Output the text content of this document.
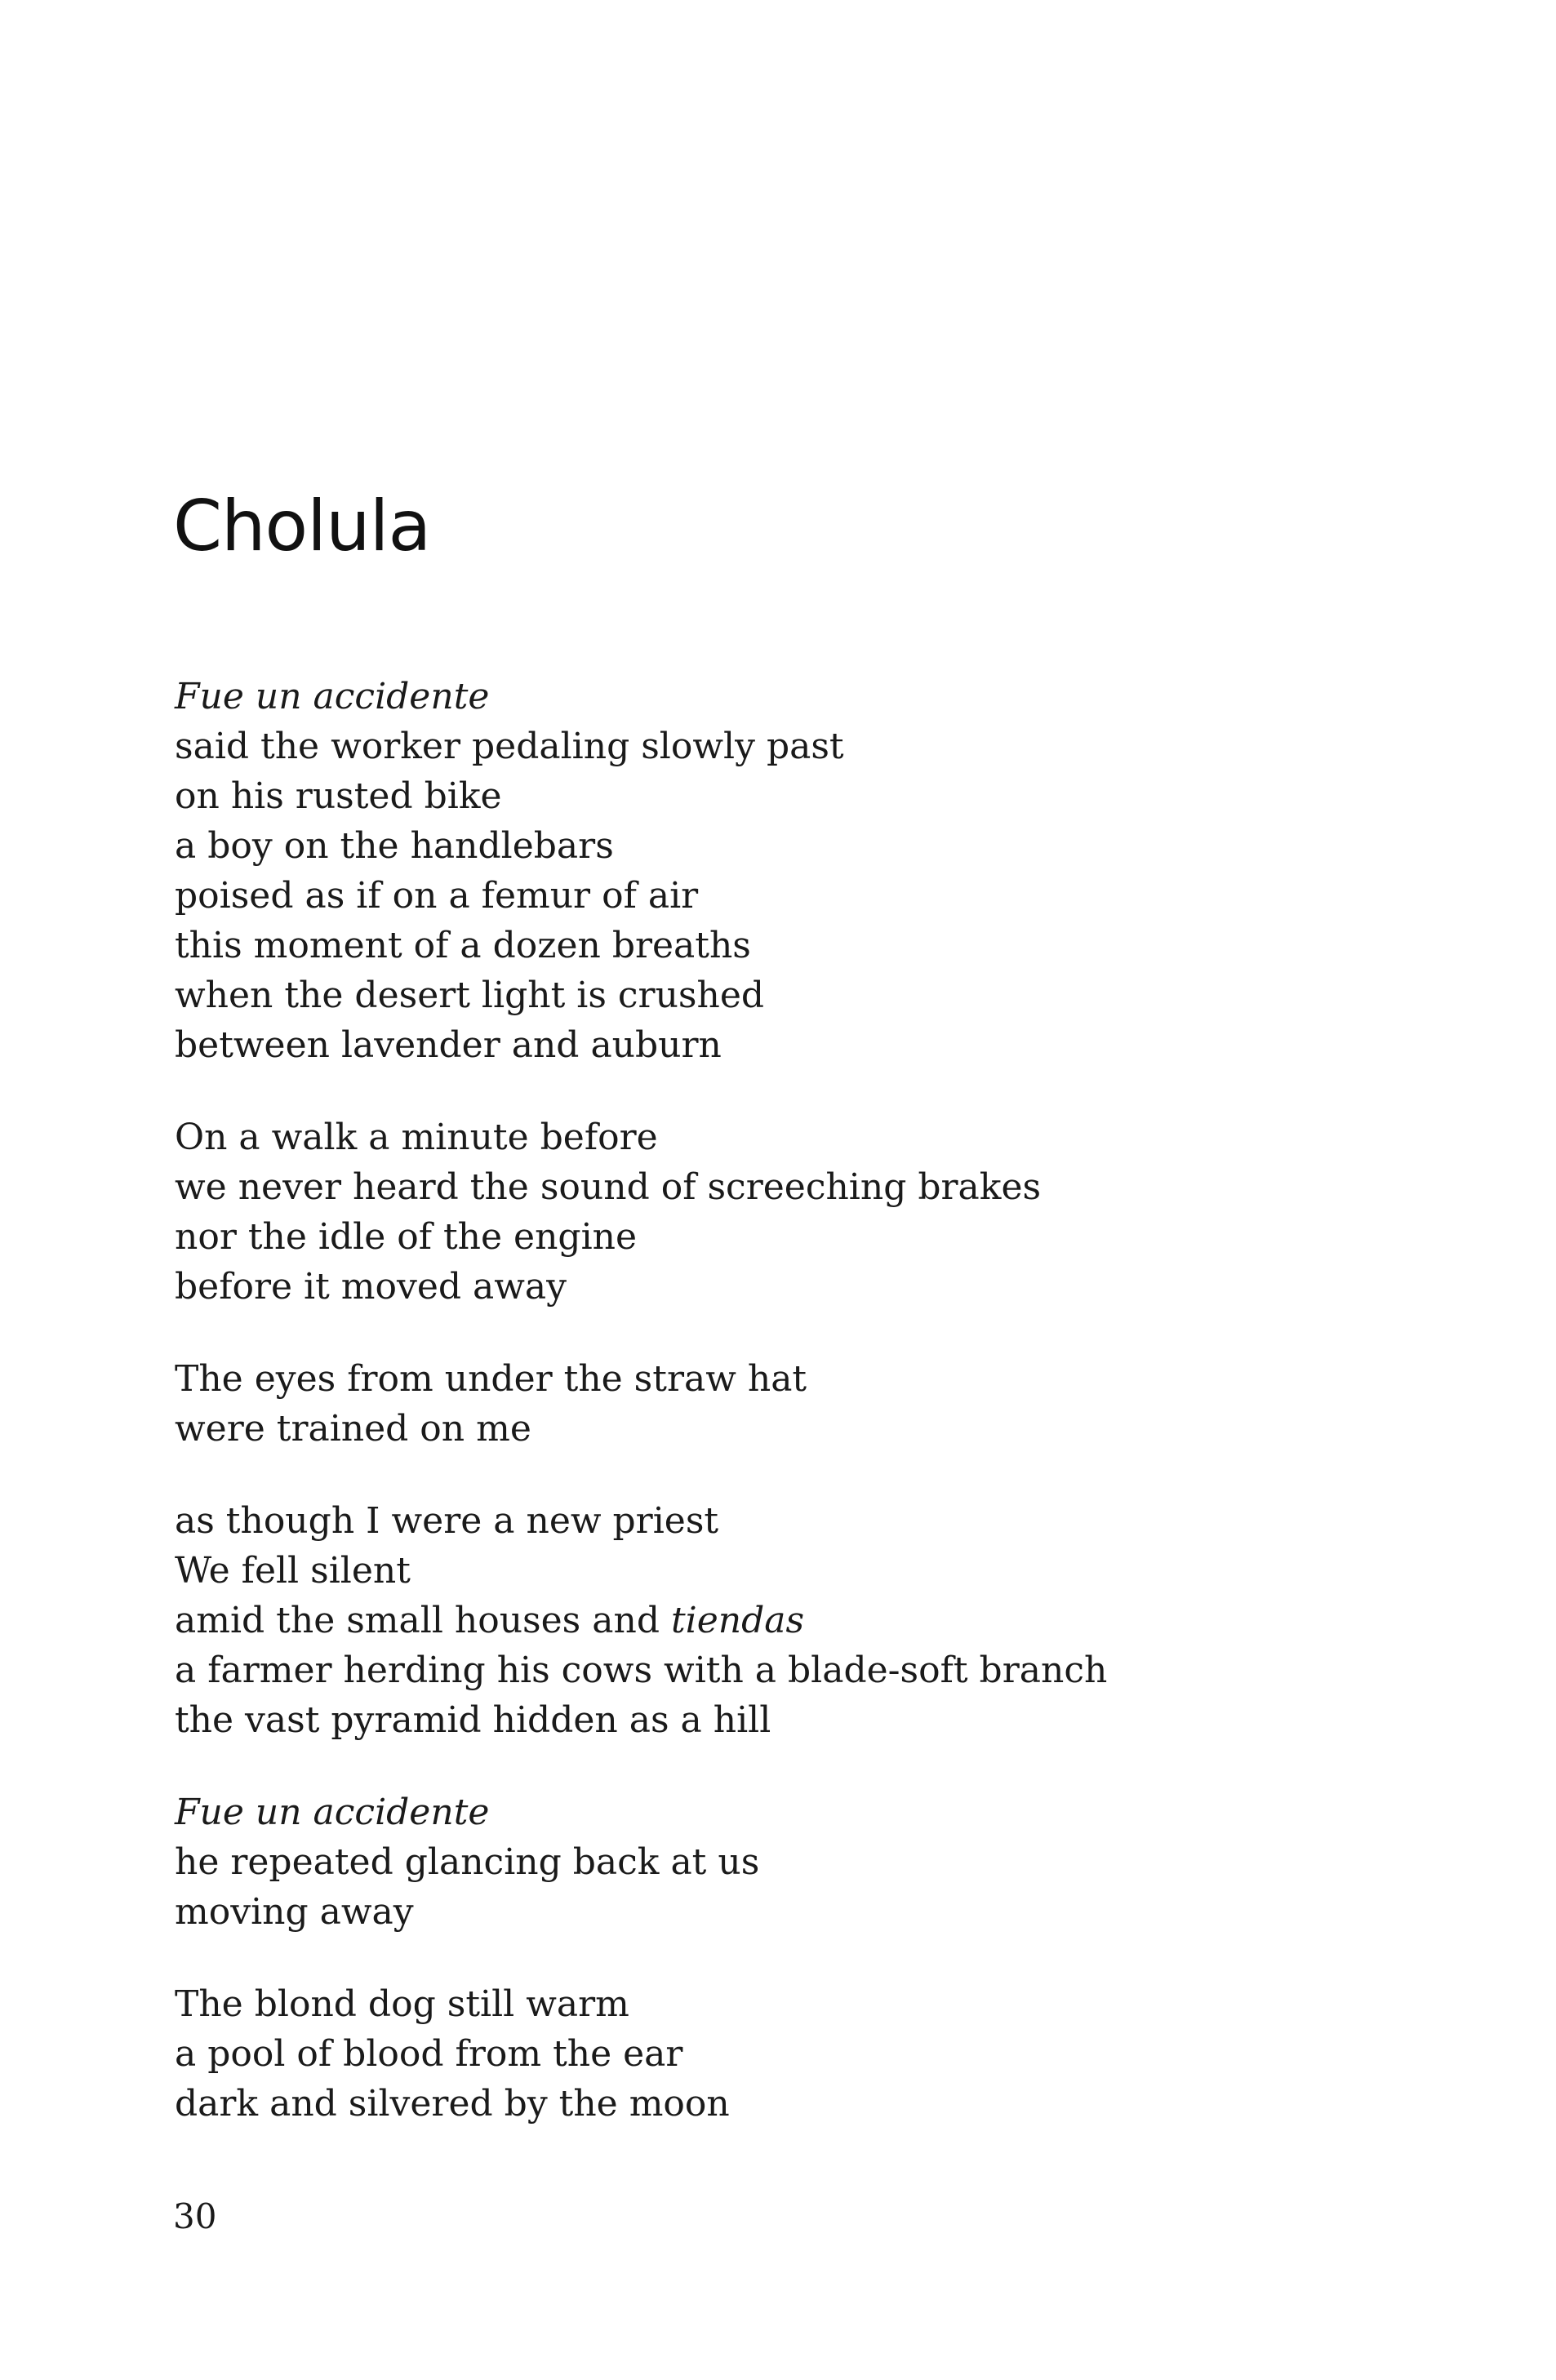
Cholula
Fue un accidente
said the worker pedaling slowly past
on his rusted bike
a boy on the handlebars
poised as if on a femur of air
this moment of a dozen breaths
when the desert light is crushed
between lavender and auburn
On a walk a minute before
we never heard the sound of screeching brakes
nor the idle of the engine
before it moved away
The eyes from under the straw hat
were trained on me
as though I were a new priest
We fell silent
amid the small houses and tiendas
a farmer herding his cows with a blade-soft branch
the vast pyramid hidden as a hill
Fue un accidente
he repeated glancing back at us
moving away
The blond dog still warm
a pool of blood from the ear
dark and silvered by the moon
30
